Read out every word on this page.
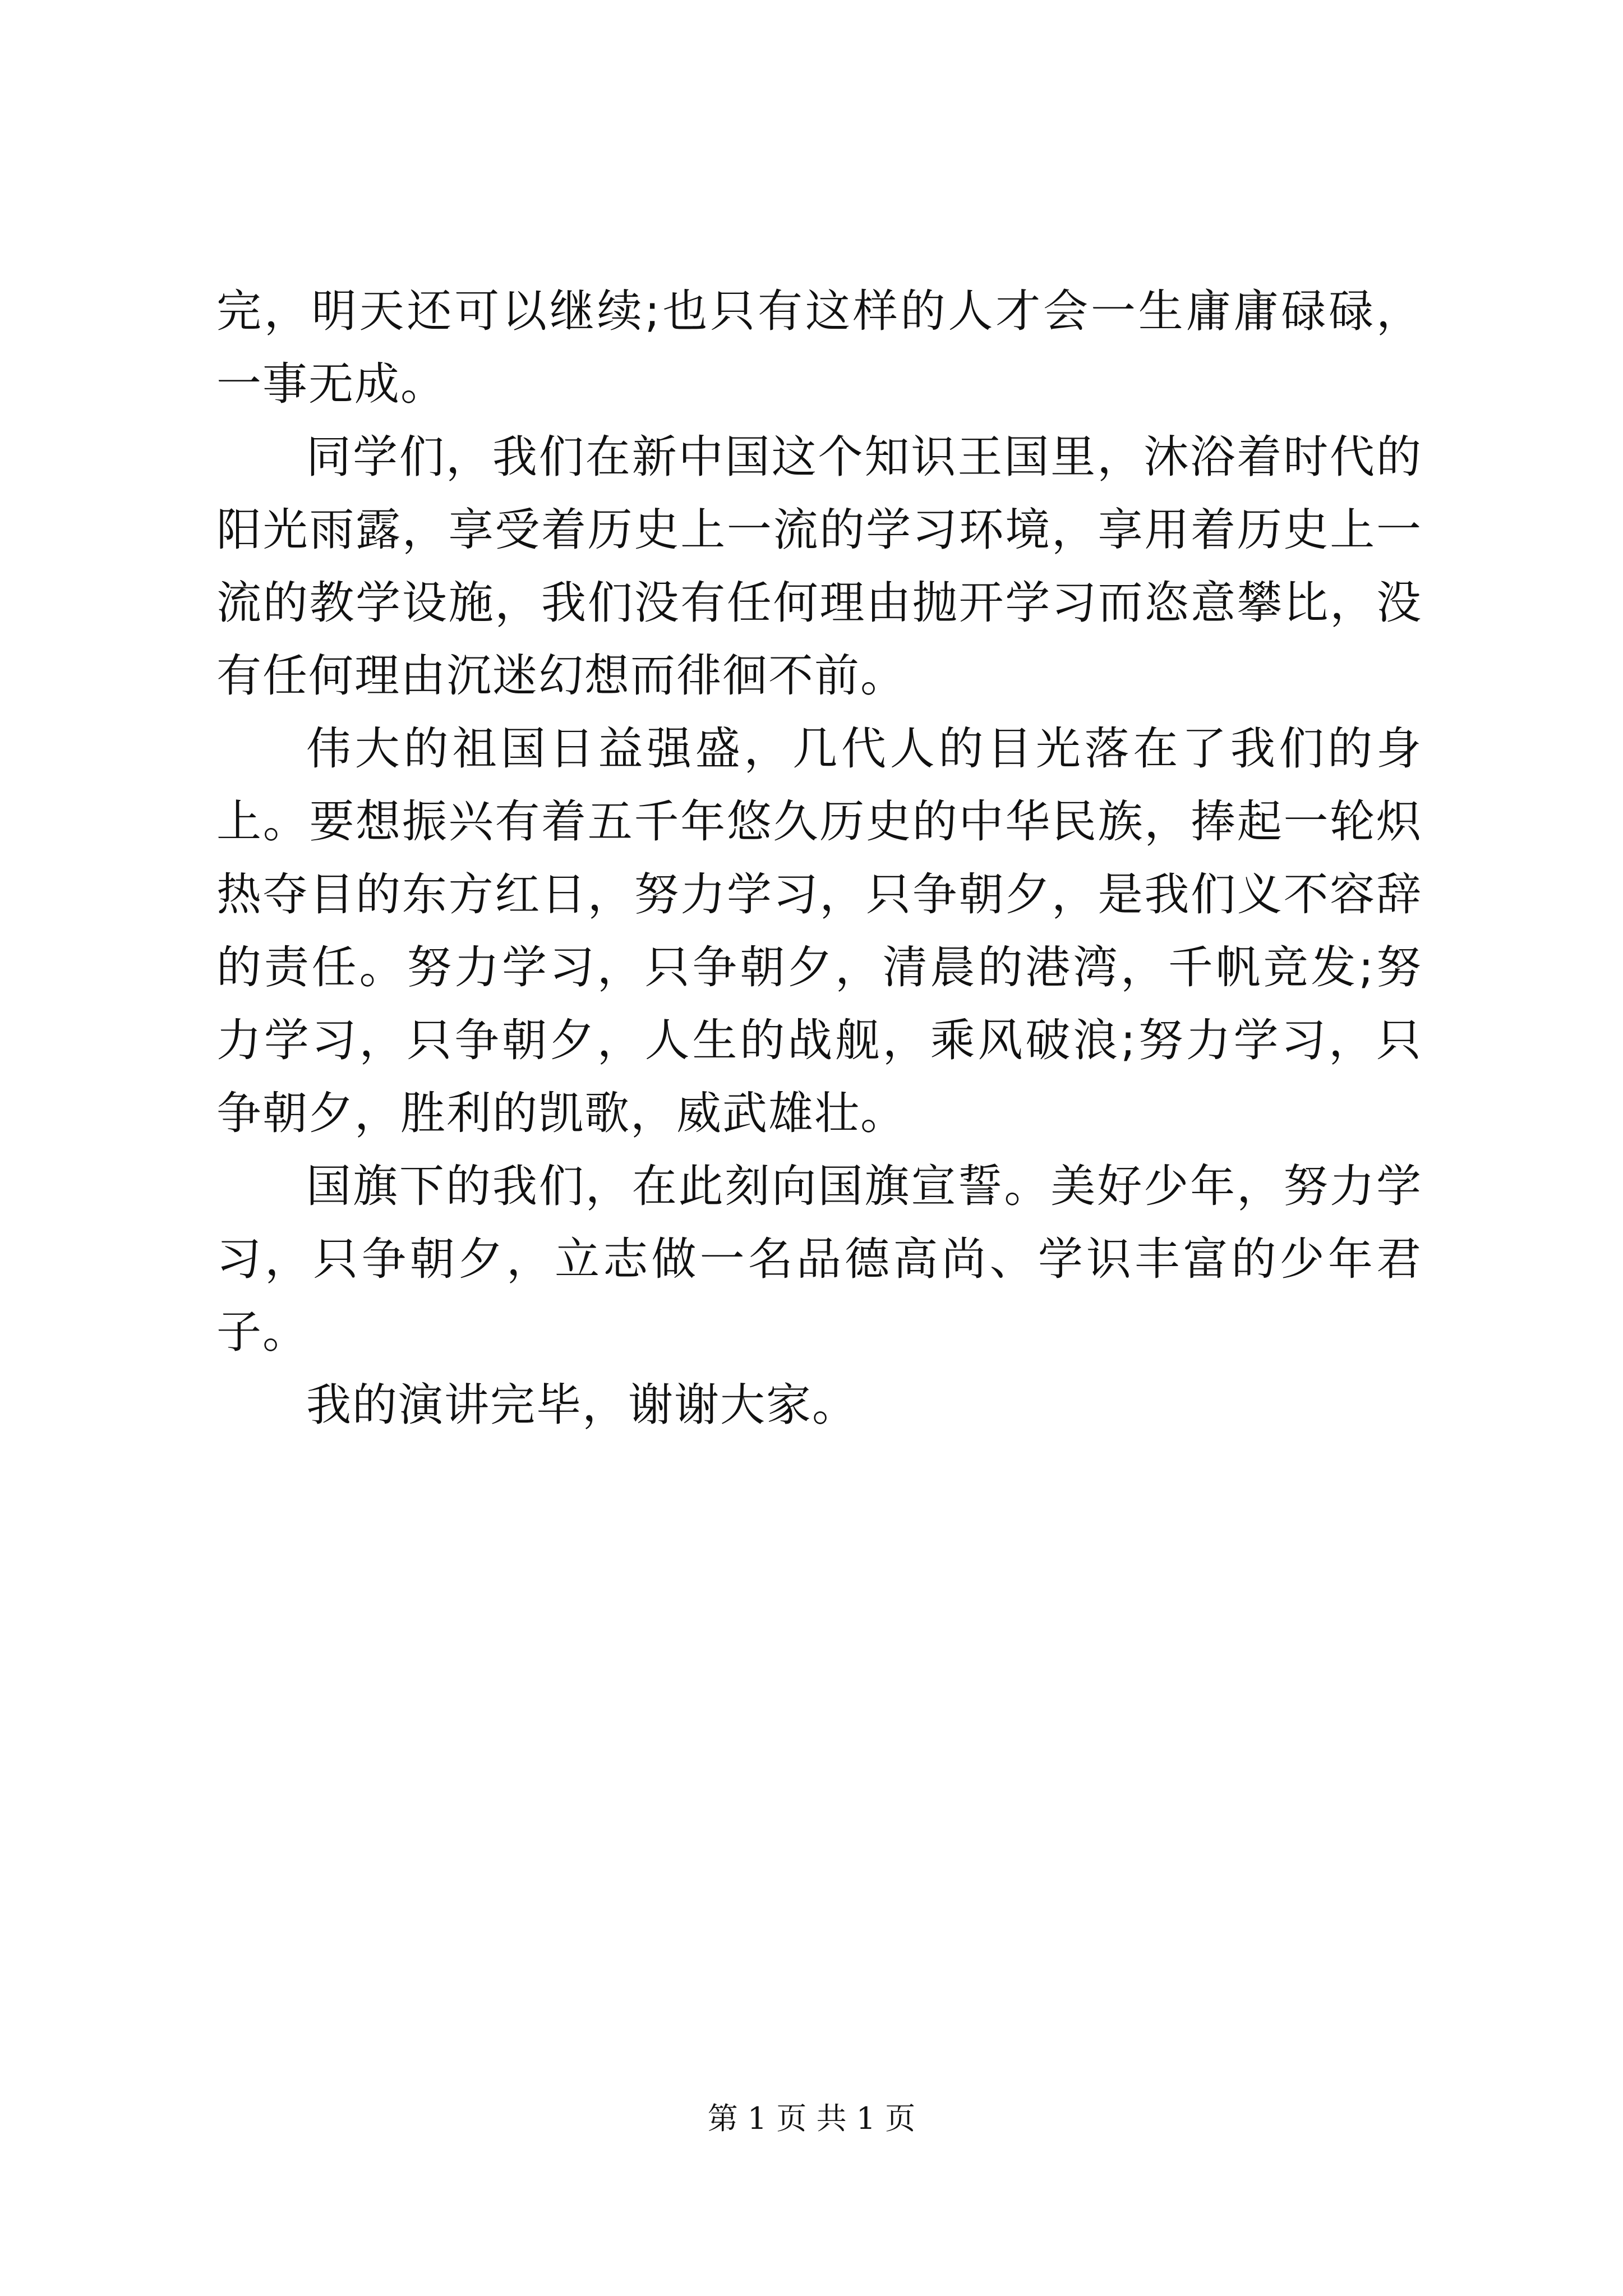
完，明天还可以继续;也只有这样的人才会一生庸庸碌碌，一事无成。

同学们，我们在新中国这个知识王国里，沐浴着时代的阳光雨露，享受着历史上一流的学习环境，享用着历史上一流的教学设施，我们没有任何理由抛开学习而恣意攀比，没有任何理由沉迷幻想而徘徊不前。

伟大的祖国日益强盛，几代人的目光落在了我们的身上。要想振兴有着五千年悠久历史的中华民族，捧起一轮炽热夺目的东方红日，努力学习，只争朝夕，是我们义不容辞的责任。努力学习，只争朝夕，清晨的港湾，千帆竞发;努力学习，只争朝夕，人生的战舰，乘风破浪;努力学习，只争朝夕，胜利的凯歌，威武雄壮。

国旗下的我们，在此刻向国旗宣誓。美好少年，努力学习，只争朝夕，立志做一名品德高尚、学识丰富的少年君子。

我的演讲完毕，谢谢大家。

第 1 页 共 1 页
